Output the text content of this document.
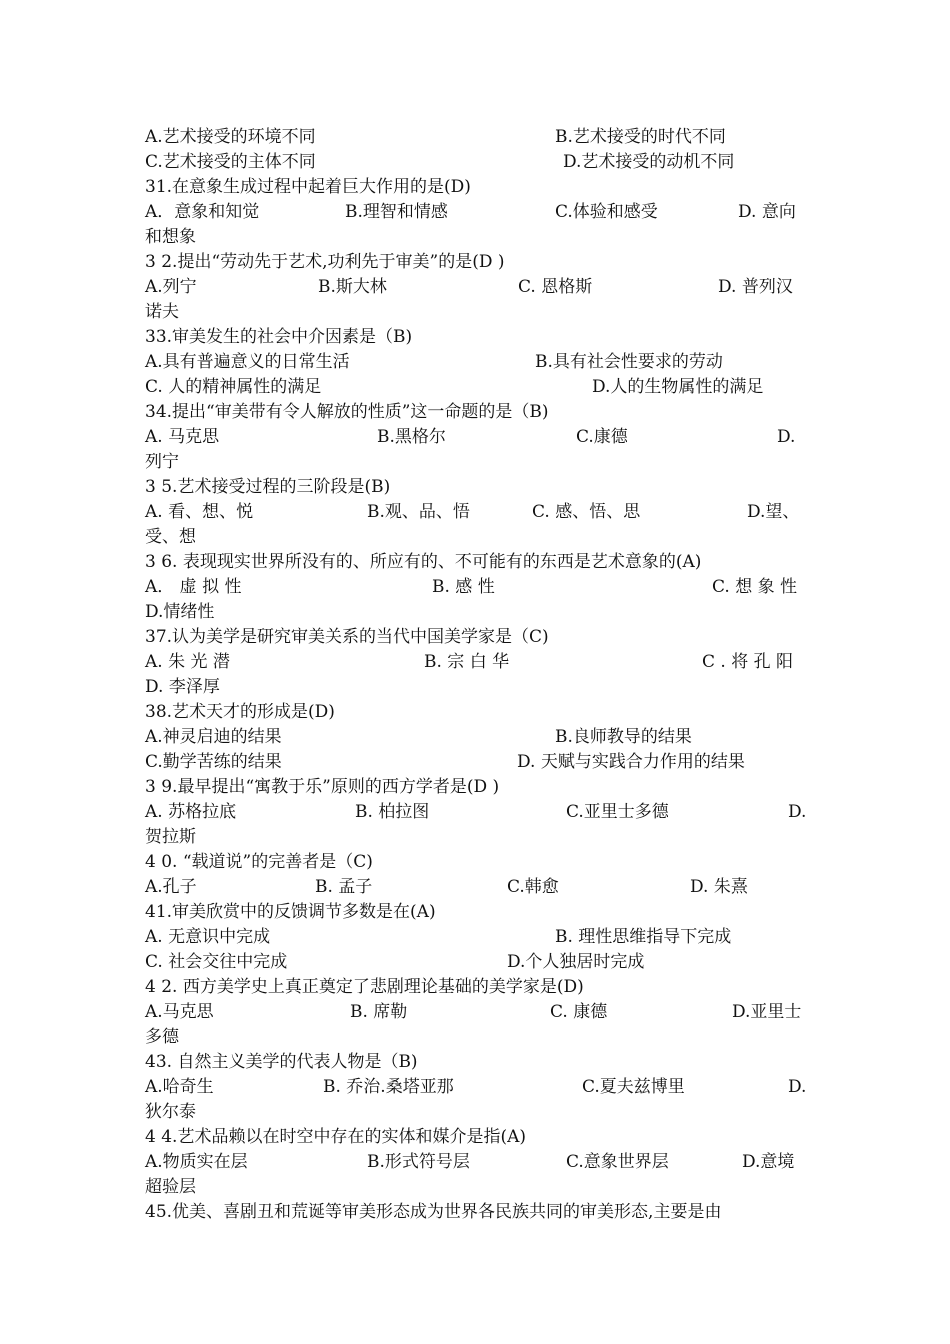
A.艺术接受的环境不同	B.艺术接受的时代不同
C.艺术接受的主体不同	D.艺术接受的动机不同
31.在意象生成过程中起着巨大作用的是(D)
A．意象和知觉	B.理智和情感	C.体验和感受	D. 意向
和想象
3 2.提出“劳动先于艺术,功利先于审美”的是(D )
A.列宁	B.斯大林	C. 恩格斯	D. 普列汉
诺夫
33.审美发生的社会中介因素是（B)
A.具有普遍意义的日常生活	B.具有社会性要求的劳动
C. 人的精神属性的满足	D.人的生物属性的满足
34.提出“审美带有令人解放的性质”这一命题的是（B)
A. 马克思	B.黑格尔	C.康德	D.
列宁
3 5.艺术接受过程的三阶段是(B)
A. 看、想、悦	B.观、品、悟	C. 感、悟、思	D.望、
受、想
3 6. 表现现实世界所没有的、所应有的、不可能有的东西是艺术意象的(A)
A． 虚 拟 性	B. 感 性	C. 想 象 性
D.情绪性
37.认为美学是研究审美关系的当代中国美学家是（C)
A. 朱 光 潜	B. 宗 白 华	C . 将 孔 阳
D. 李泽厚
38.艺术天才的形成是(D)
A.神灵启迪的结果	B.良师教导的结果
C.勤学苦练的结果	D. 天赋与实践合力作用的结果
3 9.最早提出“寓教于乐”原则的西方学者是(D )
A. 苏格拉底	B. 柏拉图	C.亚里士多德	D.
贺拉斯
4 0. “载道说”的完善者是（C)
A.孔子	B. 孟子	C.韩愈	D. 朱熹
41.审美欣赏中的反馈调节多数是在(A)
A. 无意识中完成	B. 理性思维指导下完成
C. 社会交往中完成	D.个人独居时完成
4 2. 西方美学史上真正奠定了悲剧理论基础的美学家是(D)
A.马克思	B. 席勒	C. 康德	D.亚里士
多德
43. 自然主义美学的代表人物是（B)
A.哈奇生	B. 乔治.桑塔亚那	C.夏夫兹博里	D.
狄尔泰
4 4.艺术品赖以在时空中存在的实体和媒介是指(A)
A.物质实在层	B.形式符号层	C.意象世界层	D.意境
超验层
45.优美、喜剧丑和荒诞等审美形态成为世界各民族共同的审美形态,主要是由
